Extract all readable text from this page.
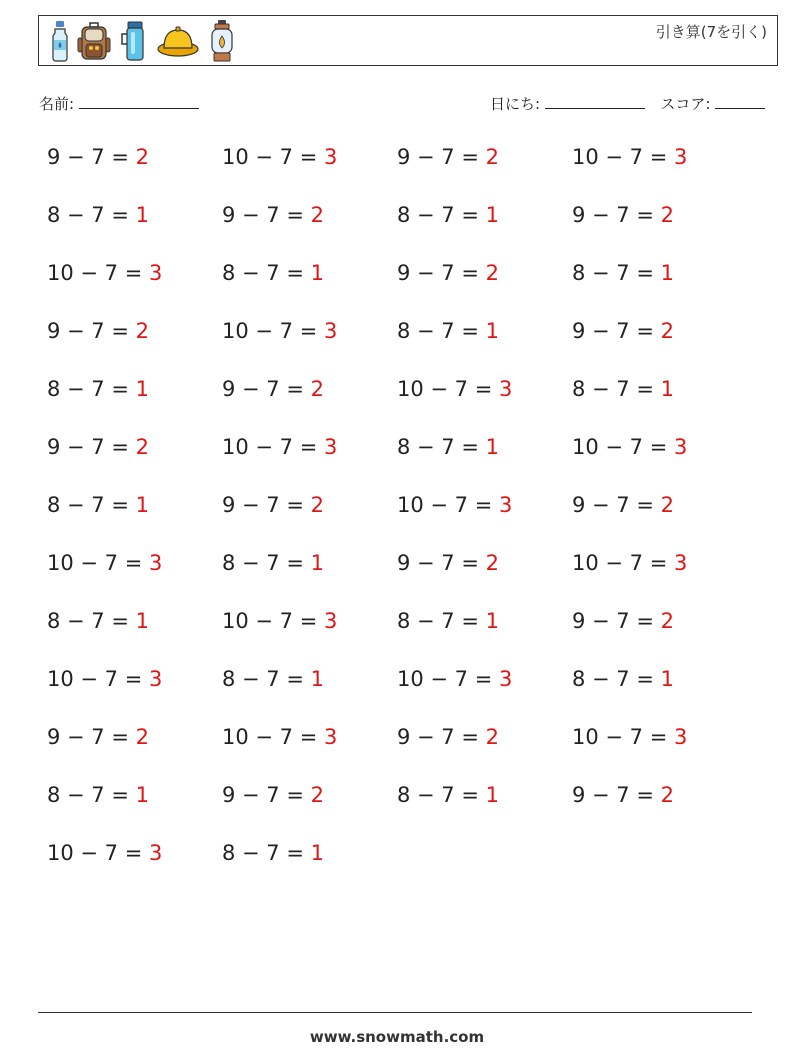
引き算(7を引く)
名前:	日にち:	スコア:
9 − 7 = 2	10 − 7 = 3	9 − 7 = 2	10 − 7 = 3
8 − 7 = 1	9 − 7 = 2	8 − 7 = 1	9 − 7 = 2
10 − 7 = 3	8 − 7 = 1	9 − 7 = 2	8 − 7 = 1
9 − 7 = 2	10 − 7 = 3	8 − 7 = 1	9 − 7 = 2
8 − 7 = 1	9 − 7 = 2	10 − 7 = 3	8 − 7 = 1
9 − 7 = 2	10 − 7 = 3	8 − 7 = 1	10 − 7 = 3
8 − 7 = 1	9 − 7 = 2	10 − 7 = 3	9 − 7 = 2
10 − 7 = 3	8 − 7 = 1	9 − 7 = 2	10 − 7 = 3
8 − 7 = 1	10 − 7 = 3	8 − 7 = 1	9 − 7 = 2
10 − 7 = 3	8 − 7 = 1	10 − 7 = 3	8 − 7 = 1
9 − 7 = 2	10 − 7 = 3	9 − 7 = 2	10 − 7 = 3
8 − 7 = 1	9 − 7 = 2	8 − 7 = 1	9 − 7 = 2
10 − 7 = 3	8 − 7 = 1
www.snowmath.com
